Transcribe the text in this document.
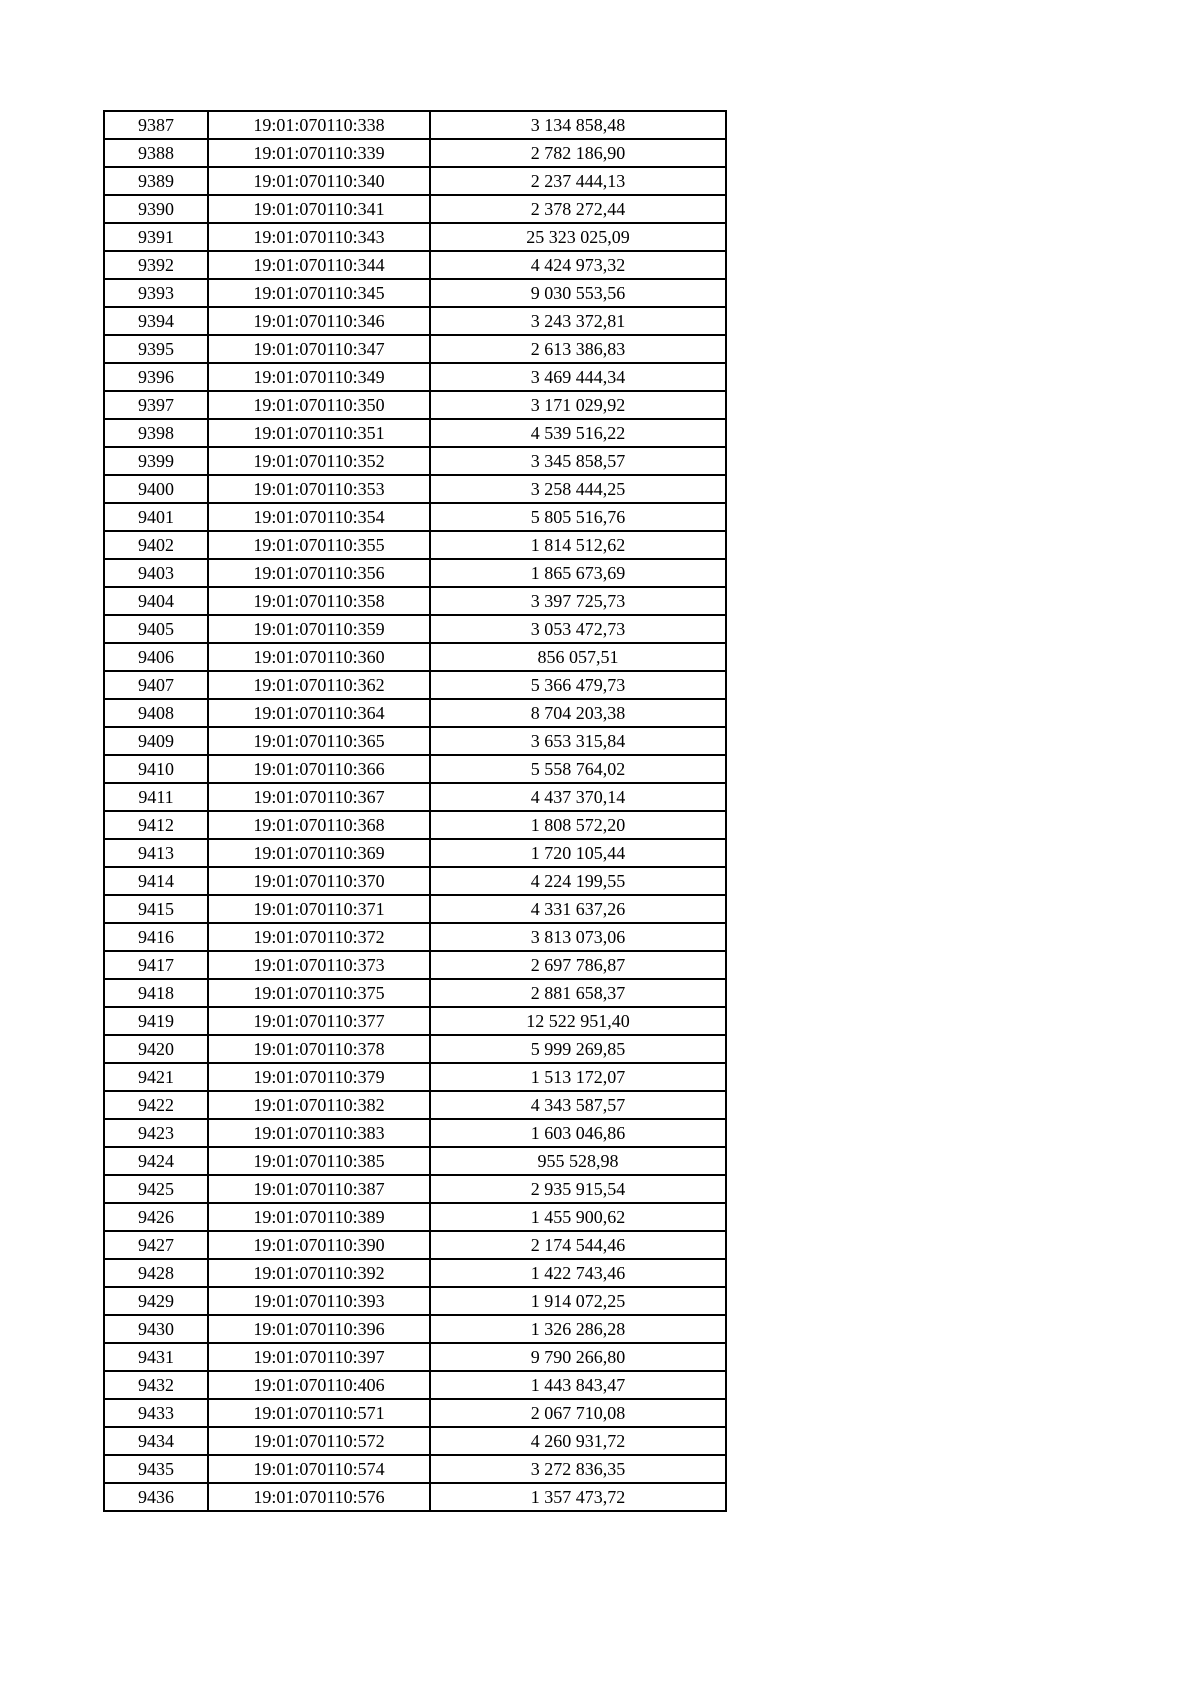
9387	19:01:070110:338	3 134 858,48
9388	19:01:070110:339	2 782 186,90
9389	19:01:070110:340	2 237 444,13
9390	19:01:070110:341	2 378 272,44
9391	19:01:070110:343	25 323 025,09
9392	19:01:070110:344	4 424 973,32
9393	19:01:070110:345	9 030 553,56
9394	19:01:070110:346	3 243 372,81
9395	19:01:070110:347	2 613 386,83
9396	19:01:070110:349	3 469 444,34
9397	19:01:070110:350	3 171 029,92
9398	19:01:070110:351	4 539 516,22
9399	19:01:070110:352	3 345 858,57
9400	19:01:070110:353	3 258 444,25
9401	19:01:070110:354	5 805 516,76
9402	19:01:070110:355	1 814 512,62
9403	19:01:070110:356	1 865 673,69
9404	19:01:070110:358	3 397 725,73
9405	19:01:070110:359	3 053 472,73
9406	19:01:070110:360	856 057,51
9407	19:01:070110:362	5 366 479,73
9408	19:01:070110:364	8 704 203,38
9409	19:01:070110:365	3 653 315,84
9410	19:01:070110:366	5 558 764,02
9411	19:01:070110:367	4 437 370,14
9412	19:01:070110:368	1 808 572,20
9413	19:01:070110:369	1 720 105,44
9414	19:01:070110:370	4 224 199,55
9415	19:01:070110:371	4 331 637,26
9416	19:01:070110:372	3 813 073,06
9417	19:01:070110:373	2 697 786,87
9418	19:01:070110:375	2 881 658,37
9419	19:01:070110:377	12 522 951,40
9420	19:01:070110:378	5 999 269,85
9421	19:01:070110:379	1 513 172,07
9422	19:01:070110:382	4 343 587,57
9423	19:01:070110:383	1 603 046,86
9424	19:01:070110:385	955 528,98
9425	19:01:070110:387	2 935 915,54
9426	19:01:070110:389	1 455 900,62
9427	19:01:070110:390	2 174 544,46
9428	19:01:070110:392	1 422 743,46
9429	19:01:070110:393	1 914 072,25
9430	19:01:070110:396	1 326 286,28
9431	19:01:070110:397	9 790 266,80
9432	19:01:070110:406	1 443 843,47
9433	19:01:070110:571	2 067 710,08
9434	19:01:070110:572	4 260 931,72
9435	19:01:070110:574	3 272 836,35
9436	19:01:070110:576	1 357 473,72
